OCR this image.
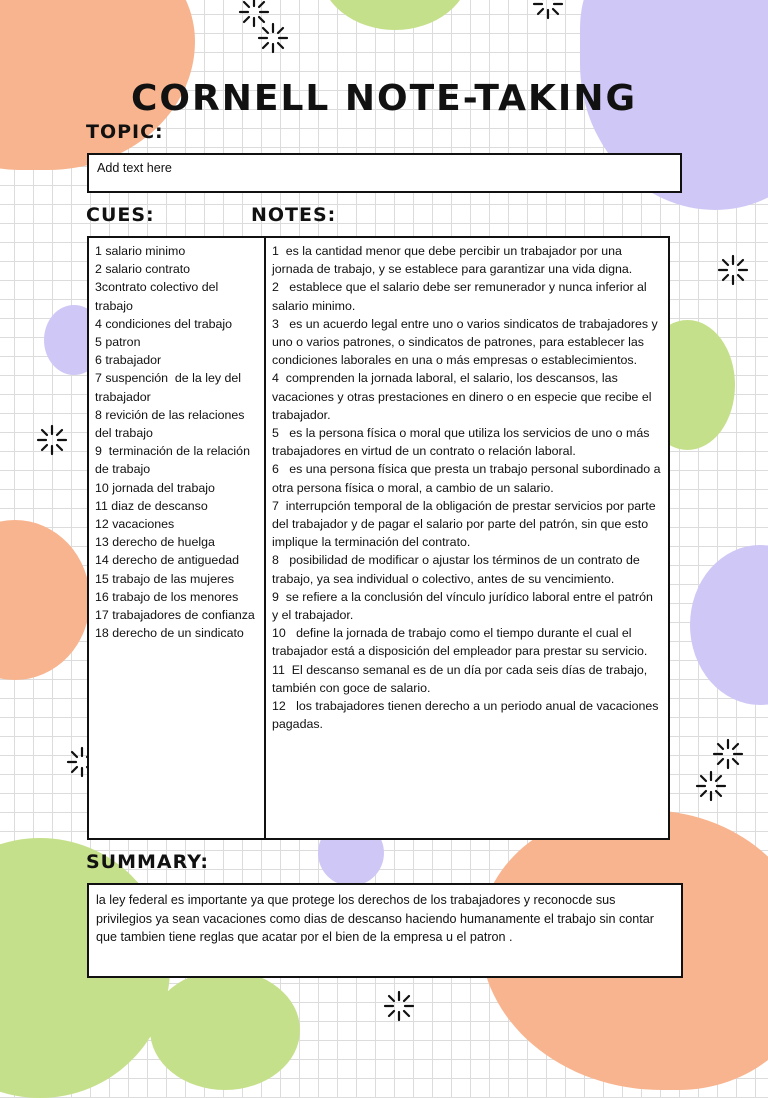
CORNELL NOTE-TAKING
TOPIC:
Add text here
CUES:	NOTES:
1 salario minimo
2 salario contrato
3contrato colectivo del trabajo
4 condiciones del trabajo
5 patron
6 trabajador
7 suspención  de la ley del trabajador
8 revición de las relaciones del trabajo
9  terminación de la relación de trabajo
10 jornada del trabajo
11 diaz de descanso
12 vacaciones
13 derecho de huelga
14 derecho de antiguedad
15 trabajo de las mujeres
16 trabajo de los menores
17 trabajadores de confianza
18 derecho de un sindicato
1  es la cantidad menor que debe percibir un trabajador por una jornada de trabajo, y se establece para garantizar una vida digna.
2   establece que el salario debe ser remunerador y nunca inferior al salario minimo.
3   es un acuerdo legal entre uno o varios sindicatos de trabajadores y uno o varios patrones, o sindicatos de patrones, para establecer las condiciones laborales en una o más empresas o establecimientos.
4  comprenden la jornada laboral, el salario, los descansos, las vacaciones y otras prestaciones en dinero o en especie que recibe el trabajador.
5   es la persona física o moral que utiliza los servicios de uno o más trabajadores en virtud de un contrato o relación laboral.
6   es una persona física que presta un trabajo personal subordinado a otra persona física o moral, a cambio de un salario.
7  interrupción temporal de la obligación de prestar servicios por parte del trabajador y de pagar el salario por parte del patrón, sin que esto implique la terminación del contrato.
8   posibilidad de modificar o ajustar los términos de un contrato de trabajo, ya sea individual o colectivo, antes de su vencimiento.
9  se refiere a la conclusión del vínculo jurídico laboral entre el patrón y el trabajador.
10   define la jornada de trabajo como el tiempo durante el cual el trabajador está a disposición del empleador para prestar su servicio.
11  El descanso semanal es de un día por cada seis días de trabajo, también con goce de salario.
12   los trabajadores tienen derecho a un periodo anual de vacaciones pagadas.
SUMMARY:
la ley federal es importante ya que protege los derechos de los trabajadores y reconocde sus privilegios ya sean vacaciones como dias de descanso haciendo humanamente el trabajo sin contar que tambien tiene reglas que acatar por el bien de la empresa u el patron .
